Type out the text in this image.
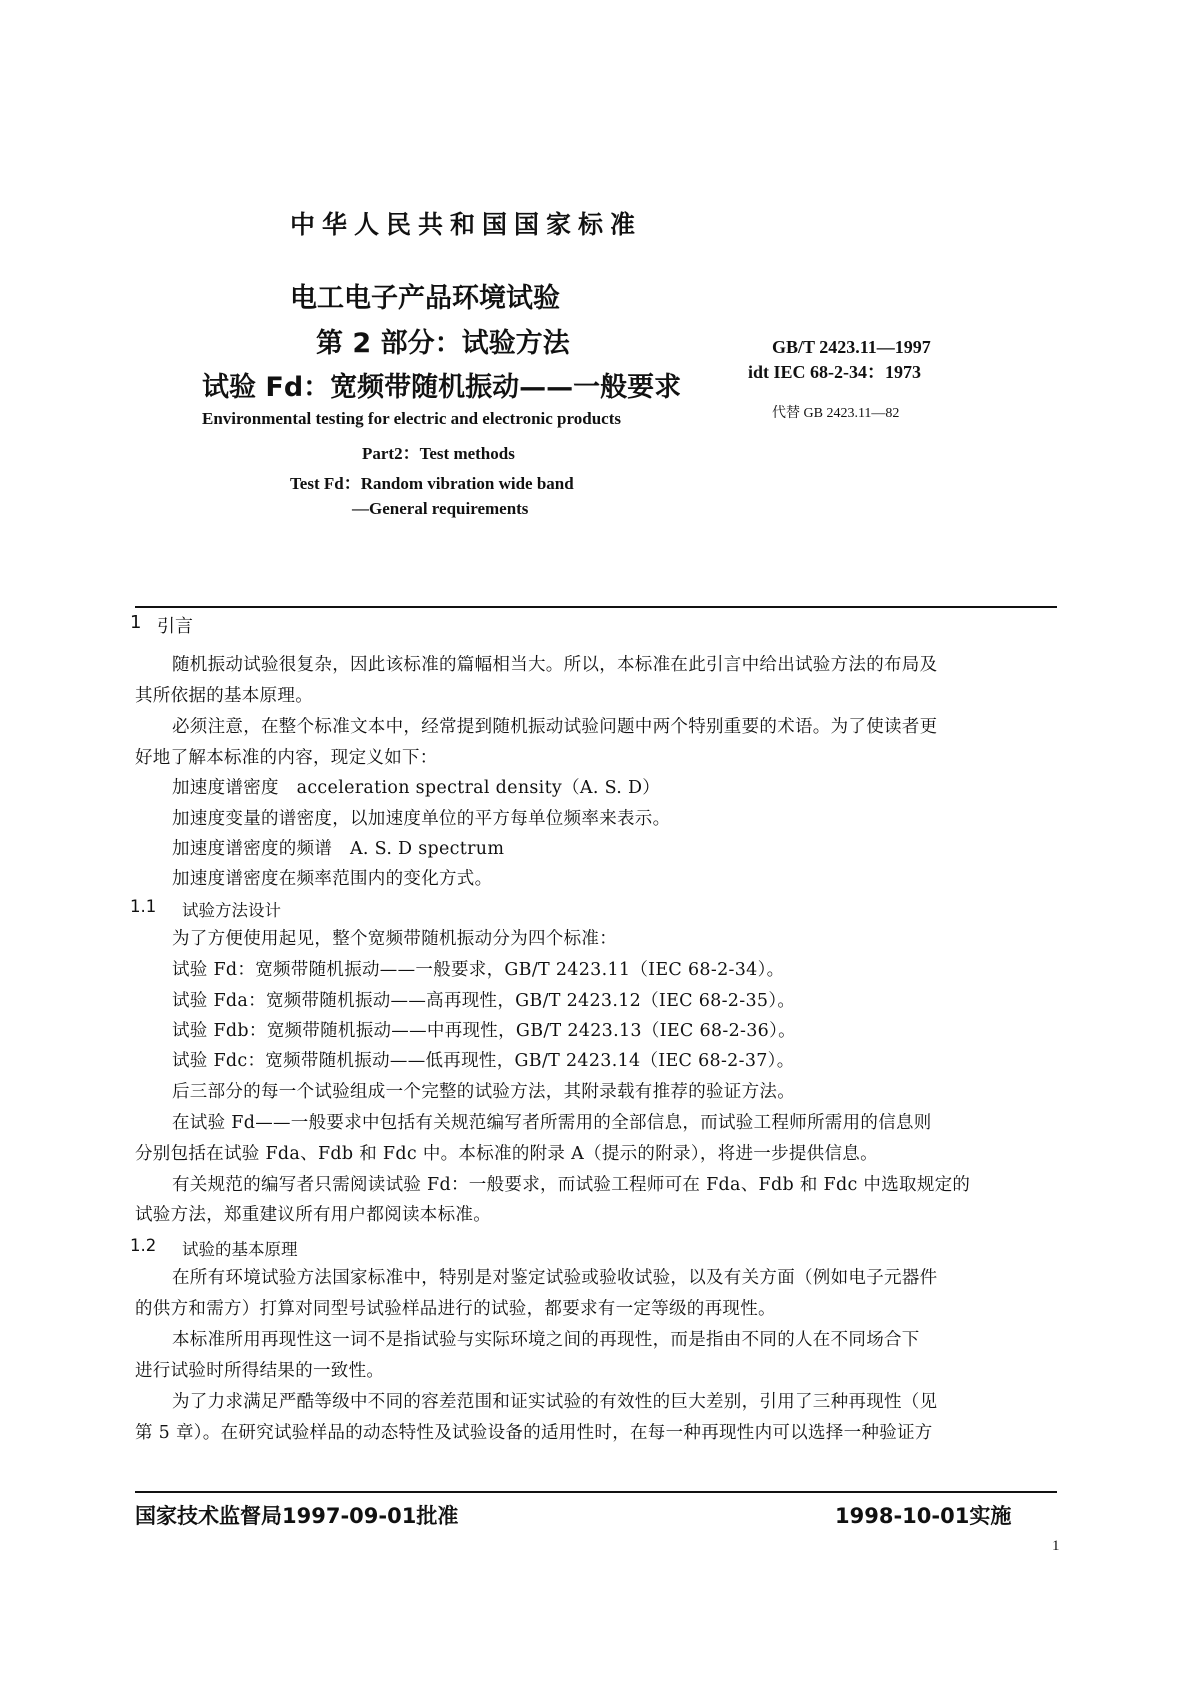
中华人民共和国国家标准
电工电子产品环境试验
第 2 部分：试验方法
试验 Fd：宽频带随机振动——一般要求
Environmental testing for electric and electronic products
Part2：Test methods
Test Fd：Random vibration wide band
—General requirements
GB/T 2423.11—1997
idt IEC 68-2-34：1973
代替 GB 2423.11—82
1 引言
随机振动试验很复杂，因此该标准的篇幅相当大。所以，本标准在此引言中给出试验方法的布局及
其所依据的基本原理。
必须注意，在整个标准文本中，经常提到随机振动试验问题中两个特别重要的术语。为了使读者更
好地了解本标准的内容，现定义如下：
加速度谱密度　acceleration spectral density（A. S. D）
加速度变量的谱密度，以加速度单位的平方每单位频率来表示。
加速度谱密度的频谱　A. S. D spectrum
加速度谱密度在频率范围内的变化方式。
1.1 试验方法设计
为了方便使用起见，整个宽频带随机振动分为四个标准：
试验 Fd：宽频带随机振动——一般要求，GB/T 2423.11（IEC 68-2-34）。
试验 Fda：宽频带随机振动——高再现性，GB/T 2423.12（IEC 68-2-35）。
试验 Fdb：宽频带随机振动——中再现性，GB/T 2423.13（IEC 68-2-36）。
试验 Fdc：宽频带随机振动——低再现性，GB/T 2423.14（IEC 68-2-37）。
后三部分的每一个试验组成一个完整的试验方法，其附录载有推荐的验证方法。
在试验 Fd——一般要求中包括有关规范编写者所需用的全部信息，而试验工程师所需用的信息则
分别包括在试验 Fda、Fdb 和 Fdc 中。本标准的附录 A（提示的附录），将进一步提供信息。
有关规范的编写者只需阅读试验 Fd：一般要求，而试验工程师可在 Fda、Fdb 和 Fdc 中选取规定的
试验方法，郑重建议所有用户都阅读本标准。
1.2 试验的基本原理
在所有环境试验方法国家标准中，特别是对鉴定试验或验收试验，以及有关方面（例如电子元器件
的供方和需方）打算对同型号试验样品进行的试验，都要求有一定等级的再现性。
本标准所用再现性这一词不是指试验与实际环境之间的再现性，而是指由不同的人在不同场合下
进行试验时所得结果的一致性。
为了力求满足严酷等级中不同的容差范围和证实试验的有效性的巨大差别，引用了三种再现性（见
第 5 章）。在研究试验样品的动态特性及试验设备的适用性时，在每一种再现性内可以选择一种验证方
国家技术监督局1997-09-01批准	1998-10-01实施
1
